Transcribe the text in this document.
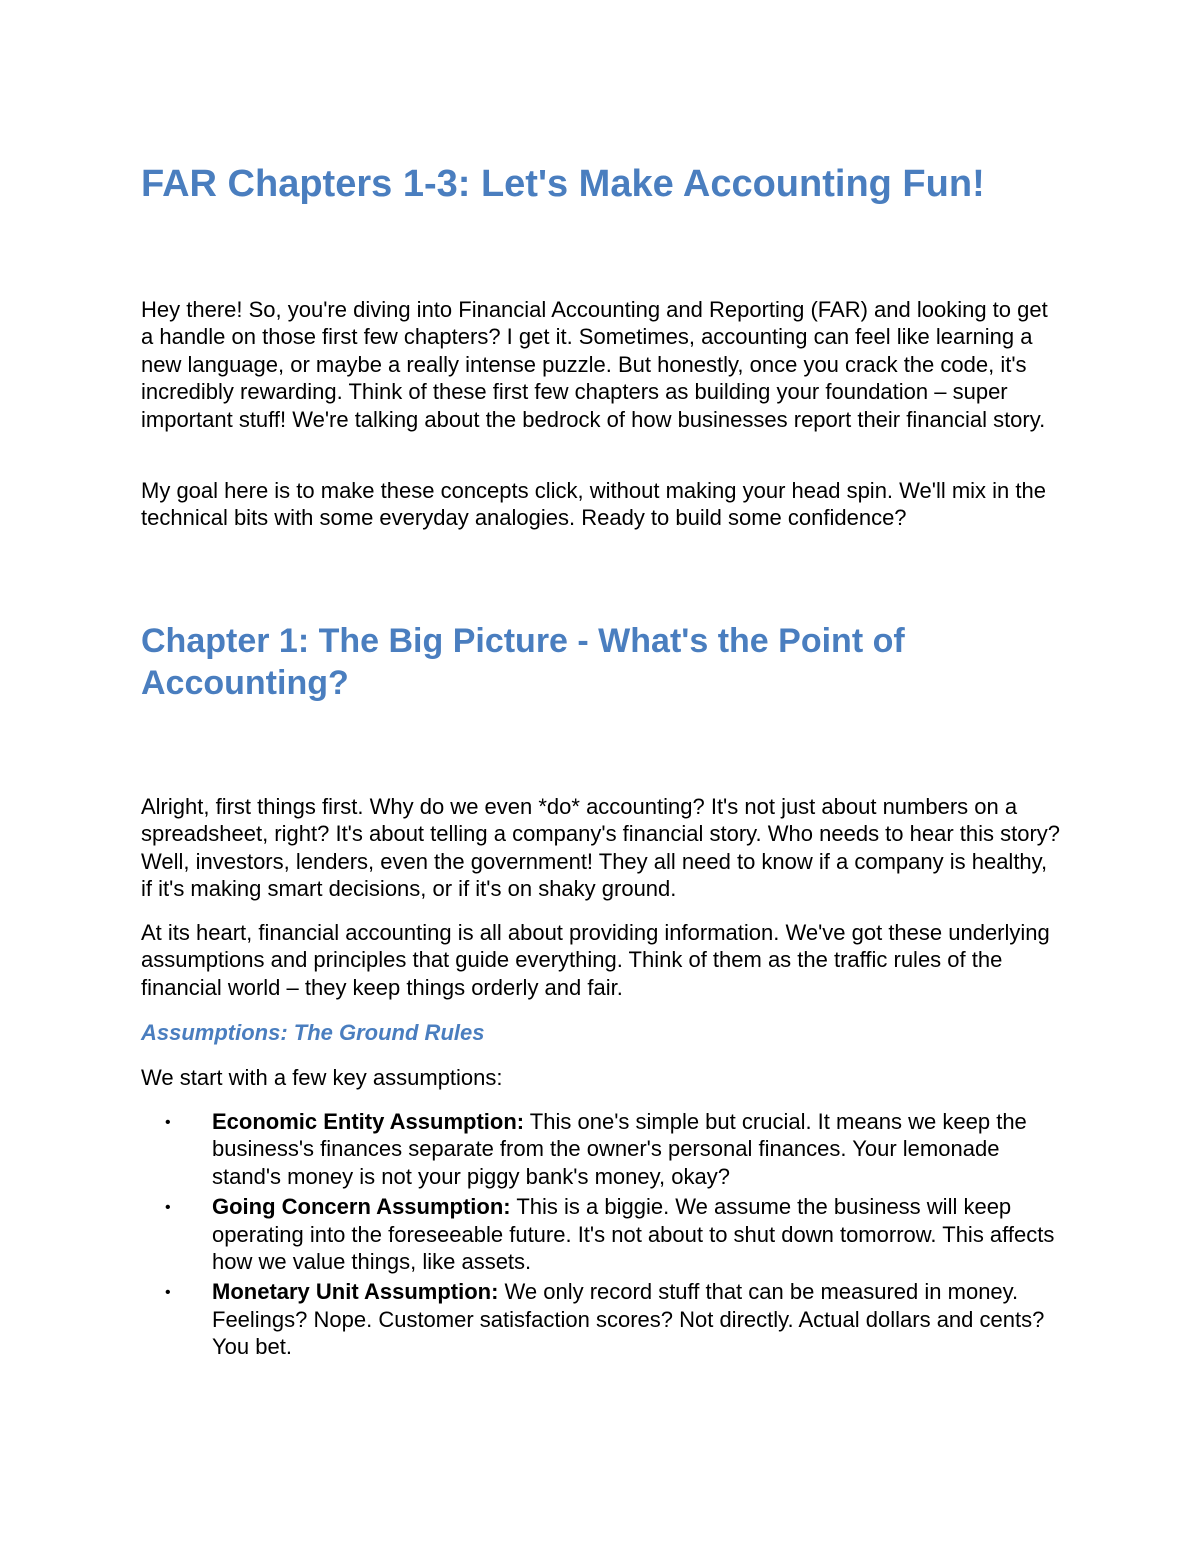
FAR Chapters 1-3: Let's Make Accounting Fun!

Hey there! So, you're diving into Financial Accounting and Reporting (FAR) and looking to get a handle on those first few chapters? I get it. Sometimes, accounting can feel like learning a new language, or maybe a really intense puzzle. But honestly, once you crack the code, it's incredibly rewarding. Think of these first few chapters as building your foundation – super important stuff! We're talking about the bedrock of how businesses report their financial story.

My goal here is to make these concepts click, without making your head spin. We'll mix in the technical bits with some everyday analogies. Ready to build some confidence?

Chapter 1: The Big Picture - What's the Point of Accounting?

Alright, first things first. Why do we even *do* accounting? It's not just about numbers on a spreadsheet, right? It's about telling a company's financial story. Who needs to hear this story? Well, investors, lenders, even the government! They all need to know if a company is healthy, if it's making smart decisions, or if it's on shaky ground.

At its heart, financial accounting is all about providing information. We've got these underlying assumptions and principles that guide everything. Think of them as the traffic rules of the financial world – they keep things orderly and fair.

Assumptions: The Ground Rules

We start with a few key assumptions:

• Economic Entity Assumption: This one's simple but crucial. It means we keep the business's finances separate from the owner's personal finances. Your lemonade stand's money is not your piggy bank's money, okay?
• Going Concern Assumption: This is a biggie. We assume the business will keep operating into the foreseeable future. It's not about to shut down tomorrow. This affects how we value things, like assets.
• Monetary Unit Assumption: We only record stuff that can be measured in money. Feelings? Nope. Customer satisfaction scores? Not directly. Actual dollars and cents? You bet.
